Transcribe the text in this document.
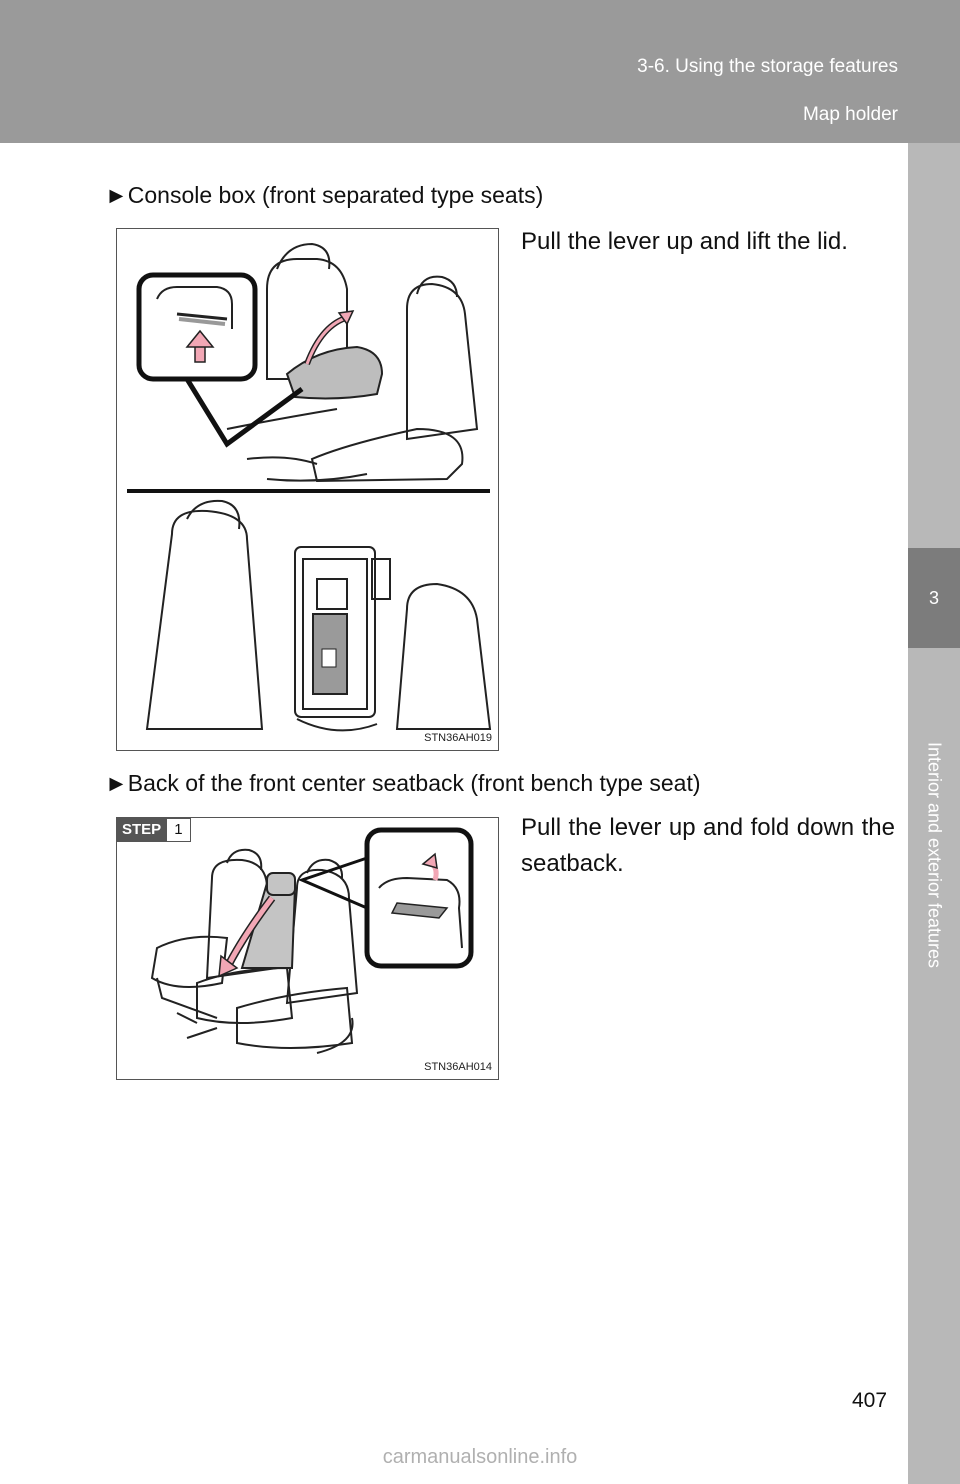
3-6. Using the storage features
Map holder
3
Interior and exterior features
►Console box (front separated type seats)
STN36AH019
Pull the lever up and lift the lid.
►Back of the front center seatback (front bench type seat)
STEP 1
STN36AH014
Pull the lever up and fold down the seatback.
407
carmanualsonline.info
